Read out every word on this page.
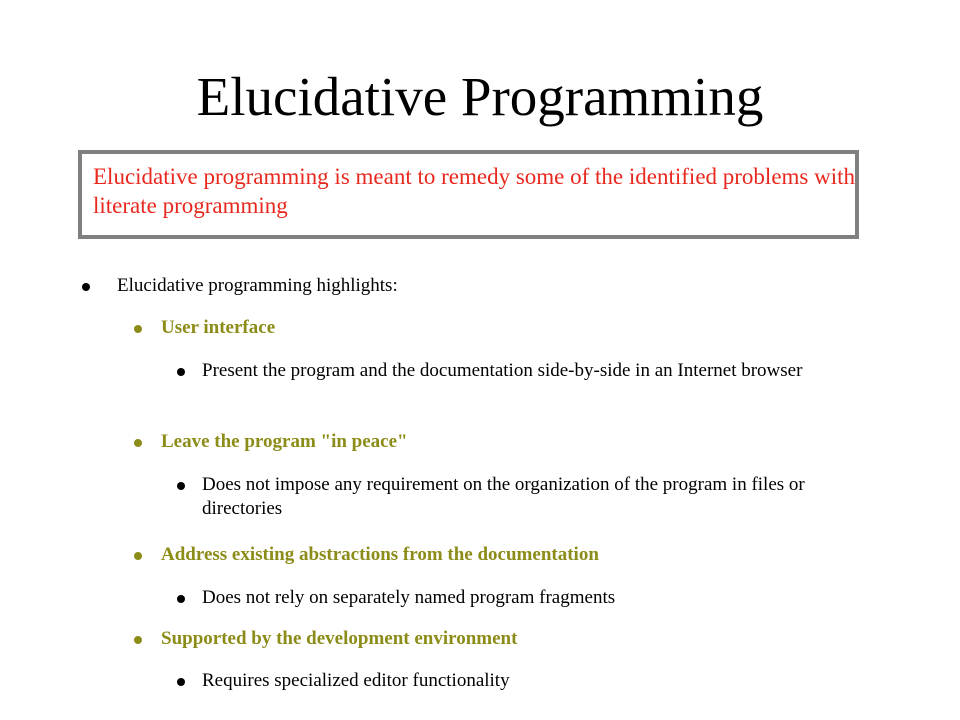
Elucidative Programming
Elucidative programming is meant to remedy some of the identified problems with literate programming
Elucidative programming highlights:
User interface
Present the program and the documentation side-by-side in an Internet browser
Leave the program "in peace"
Does not impose any requirement on the organization of the program in files or directories
Address existing abstractions from the documentation
Does not rely on separately named program fragments
Supported by the development environment
Requires specialized editor functionality
